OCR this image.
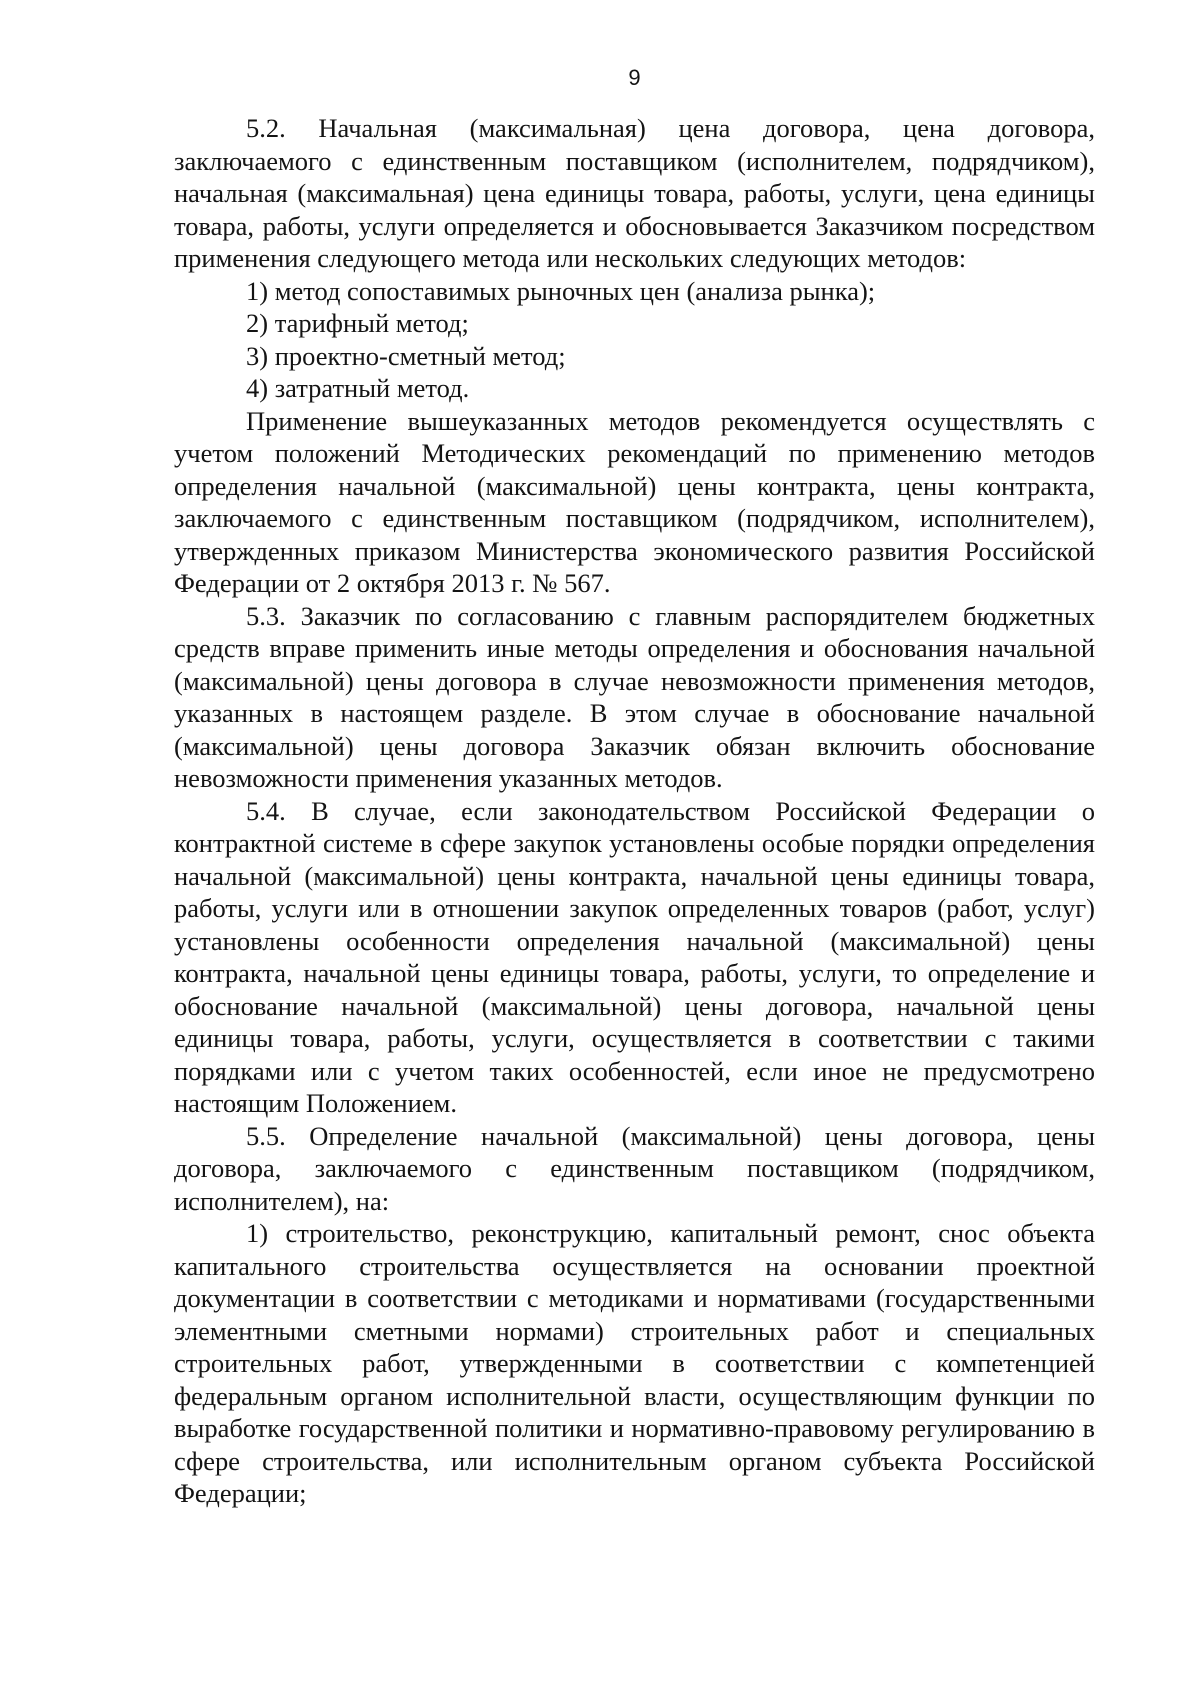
9

5.2. Начальная (максимальная) цена договора, цена договора, заключаемого с единственным поставщиком (исполнителем, подрядчиком), начальная (максимальная) цена единицы товара, работы, услуги, цена единицы товара, работы, услуги определяется и обосновывается Заказчиком посредством применения следующего метода или нескольких следующих методов:

1) метод сопоставимых рыночных цен (анализа рынка);

2) тарифный метод;

3) проектно-сметный метод;

4) затратный метод.

Применение вышеуказанных методов рекомендуется осуществлять с учетом положений Методических рекомендаций по применению методов определения начальной (максимальной) цены контракта, цены контракта, заключаемого с единственным поставщиком (подрядчиком, исполнителем), утвержденных приказом Министерства экономического развития Российской Федерации от 2 октября 2013 г. № 567.

5.3. Заказчик по согласованию с главным распорядителем бюджетных средств вправе применить иные методы определения и обоснования начальной (максимальной) цены договора в случае невозможности применения методов, указанных в настоящем разделе. В этом случае в обоснование начальной (максимальной) цены договора Заказчик обязан включить обоснование невозможности применения указанных методов.

5.4. В случае, если законодательством Российской Федерации о контрактной системе в сфере закупок установлены особые порядки определения начальной (максимальной) цены контракта, начальной цены единицы товара, работы, услуги или в отношении закупок определенных товаров (работ, услуг) установлены особенности определения начальной (максимальной) цены контракта, начальной цены единицы товара, работы, услуги, то определение и обоснование начальной (максимальной) цены договора, начальной цены единицы товара, работы, услуги, осуществляется в соответствии с такими порядками или с учетом таких особенностей, если иное не предусмотрено настоящим Положением.

5.5. Определение начальной (максимальной) цены договора, цены договора, заключаемого с единственным поставщиком (подрядчиком, исполнителем), на:

1) строительство, реконструкцию, капитальный ремонт, снос объекта капитального строительства осуществляется на основании проектной документации в соответствии с методиками и нормативами (государственными элементными сметными нормами) строительных работ и специальных строительных работ, утвержденными в соответствии с компетенцией федеральным органом исполнительной власти, осуществляющим функции по выработке государственной политики и нормативно-правовому регулированию в сфере строительства, или исполнительным органом субъекта Российской Федерации;
